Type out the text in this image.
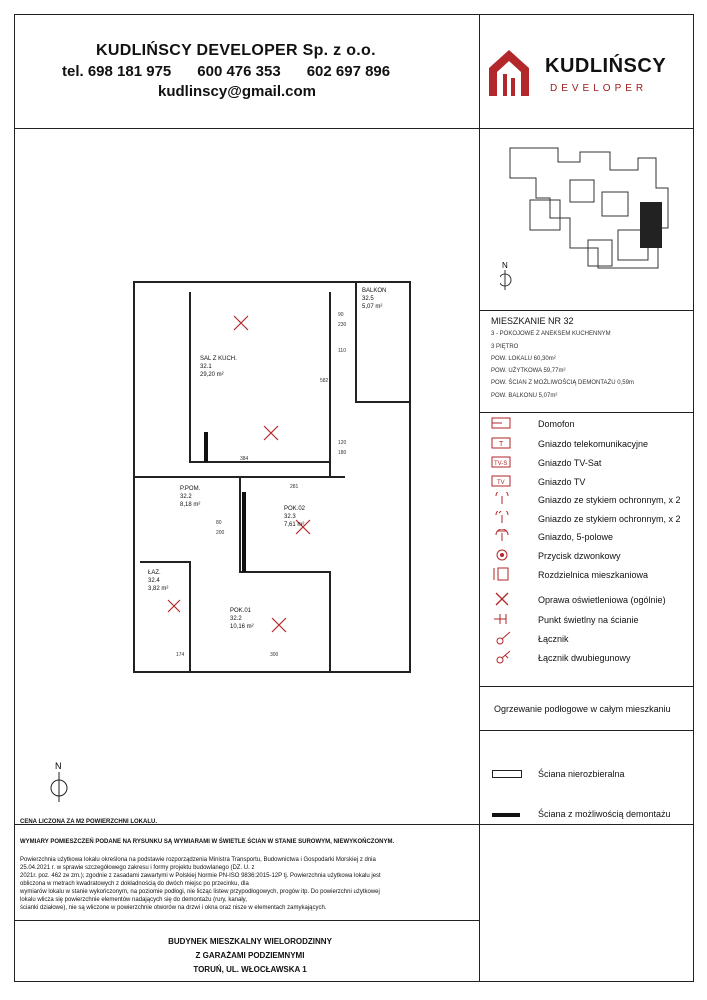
KUDLIŃSCY DEVELOPER Sp. z o.o.
tel. 698 181 975 600 476 353 602 697 896
kudlinscy@gmail.com
KUDLIŃSCY
DEVELOPER
N
MIESZKANIE NR 32
3 - POKOJOWE Z ANEKSEM KUCHENNYM
3 PIĘTRO
POW. LOKALU 60,30m²
POW. UŻYTKOWA 59,77m²
POW. ŚCIAN Z MOŻLIWOŚCIĄ DEMONTAŻU 0,59m
POW. BALKONU 5,07m²
Domofon
T	Gniazdo telekomunikacyjne
TV-S	Gniazdo TV-Sat
TV	Gniazdo TV
Gniazdo ze stykiem ochronnym, x 2
Gniazdo ze stykiem ochronnym, x 2
Gniazdo, 5-polowe
Przycisk dzwonkowy
Rozdzielnica mieszkaniowa
Oprawa oświetleniowa (ogólnie)
Punkt świetlny na ścianie
Łącznik
Łącznik dwubiegunowy
Ogrzewanie podłogowe w całym mieszkaniu
Ściana nierozbieralna
Ściana z możliwością demontażu
SAL Z KUCH.
32.1
29,20 m²
BALKON
32.5
5,07 m²
P.POM.
32.2
8,18 m²
POK.02
32.3
7,61 m²
ŁAZ.
32.4
3,82 m²
POK.01
32.2
10,16 m²
582
384
281
300
174
90
230
110
120
180
80
200
N
CENA LICZONA ZA M2 POWIERZCHNI LOKALU.
WYMIARY POMIESZCZEŃ PODANE NA RYSUNKU SĄ WYMIARAMI W ŚWIETLE ŚCIAN W STANIE SUROWYM, NIEWYKOŃCZONYM.
Powierzchnia użytkowa lokalu określona na podstawie rozporządzenia Ministra Transportu, Budownictwa i Gospodarki Morskiej z dnia
25.04.2021 r. w sprawie szczegółowego zakresu i formy projektu budowlanego (DZ. U. z
2021r. poz. 462 ze zm.); zgodnie z zasadami zawartymi w Polskiej Normie PN-ISO 9836:2015-12P tj. Powierzchnia użytkowa lokalu jest
obliczona w metrach kwadratowych z dokładnością do dwóch miejsc po przecinku, dla
wymiarów lokalu w stanie wykończonym, na poziomie podłogi, nie licząc listew przypodłogowych, progów itp. Do powierzchni użytkowej
lokalu wlicza się powierzchnie elementów nadających się do demontażu (rury, kanały,
ścianki działowe), nie są wliczone w powierzchnie otworów na drzwi i okna oraz nisze w elementach zamykających.
BUDYNEK MIESZKALNY WIELORODZINNY
Z GARAŻAMI PODZIEMNYMI
TORUŃ, UL. WŁOCŁAWSKA 1
